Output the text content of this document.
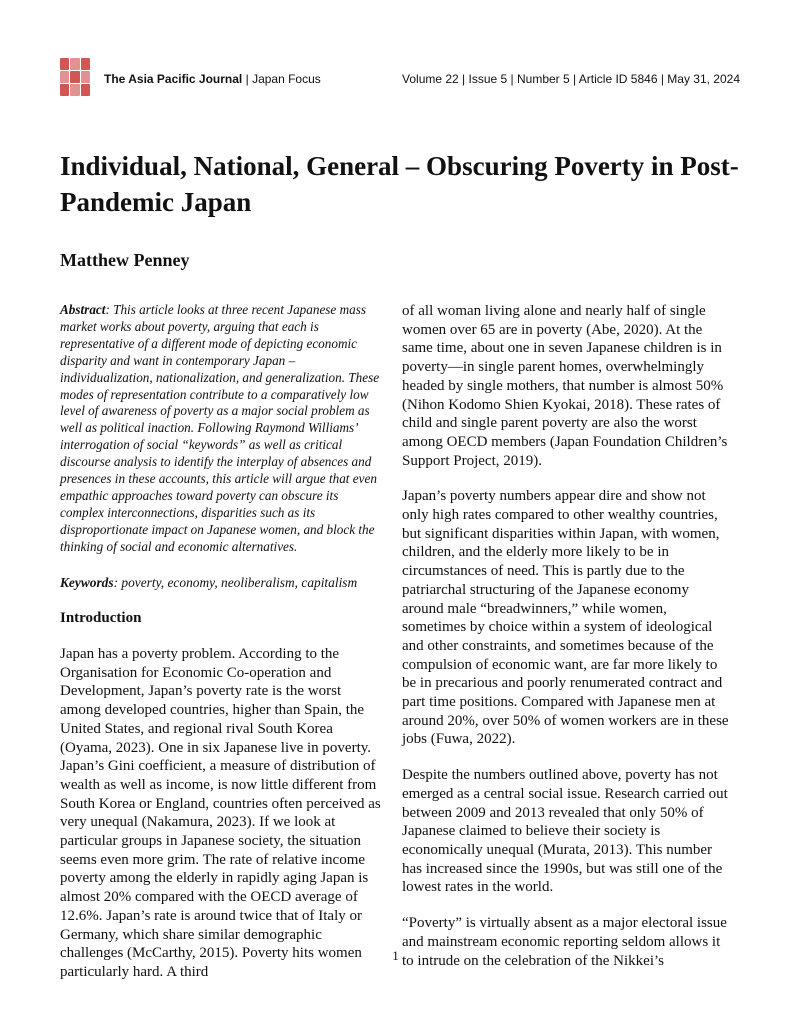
The Asia Pacific Journal | Japan Focus	Volume 22 | Issue 5 | Number 5 | Article ID 5846 | May 31, 2024
Individual, National, General – Obscuring Poverty in Post-Pandemic Japan
Matthew Penney

Abstract: This article looks at three recent Japanese mass market works about poverty, arguing that each is representative of a different mode of depicting economic disparity and want in contemporary Japan – individualization, nationalization, and generalization. These modes of representation contribute to a comparatively low level of awareness of poverty as a major social problem as well as political inaction. Following Raymond Williams’ interrogation of social “keywords” as well as critical discourse analysis to identify the interplay of absences and presences in these accounts, this article will argue that even empathic approaches toward poverty can obscure its complex interconnections, disparities such as its disproportionate impact on Japanese women, and block the thinking of social and economic alternatives.

Keywords: poverty, economy, neoliberalism, capitalism

Introduction

Japan has a poverty problem. According to the Organisation for Economic Co-operation and Development, Japan’s poverty rate is the worst among developed countries, higher than Spain, the United States, and regional rival South Korea (Oyama, 2023). One in six Japanese live in poverty. Japan’s Gini coefficient, a measure of distribution of wealth as well as income, is now little different from South Korea or England, countries often perceived as very unequal (Nakamura, 2023). If we look at particular groups in Japanese society, the situation seems even more grim. The rate of relative income poverty among the elderly in rapidly aging Japan is almost 20% compared with the OECD average of 12.6%. Japan’s rate is around twice that of Italy or Germany, which share similar demographic challenges (McCarthy, 2015). Poverty hits women particularly hard. A third

of all woman living alone and nearly half of single women over 65 are in poverty (Abe, 2020). At the same time, about one in seven Japanese children is in poverty—in single parent homes, overwhelmingly headed by single mothers, that number is almost 50% (Nihon Kodomo Shien Kyokai, 2018). These rates of child and single parent poverty are also the worst among OECD members (Japan Foundation Children’s Support Project, 2019).

Japan’s poverty numbers appear dire and show not only high rates compared to other wealthy countries, but significant disparities within Japan, with women, children, and the elderly more likely to be in circumstances of need. This is partly due to the patriarchal structuring of the Japanese economy around male “breadwinners,” while women, sometimes by choice within a system of ideological and other constraints, and sometimes because of the compulsion of economic want, are far more likely to be in precarious and poorly renumerated contract and part time positions. Compared with Japanese men at around 20%, over 50% of women workers are in these jobs (Fuwa, 2022).

Despite the numbers outlined above, poverty has not emerged as a central social issue. Research carried out between 2009 and 2013 revealed that only 50% of Japanese claimed to believe their society is economically unequal (Murata, 2013). This number has increased since the 1990s, but was still one of the lowest rates in the world.

“Poverty” is virtually absent as a major electoral issue and mainstream economic reporting seldom allows it to intrude on the celebration of the Nikkei’s

1
